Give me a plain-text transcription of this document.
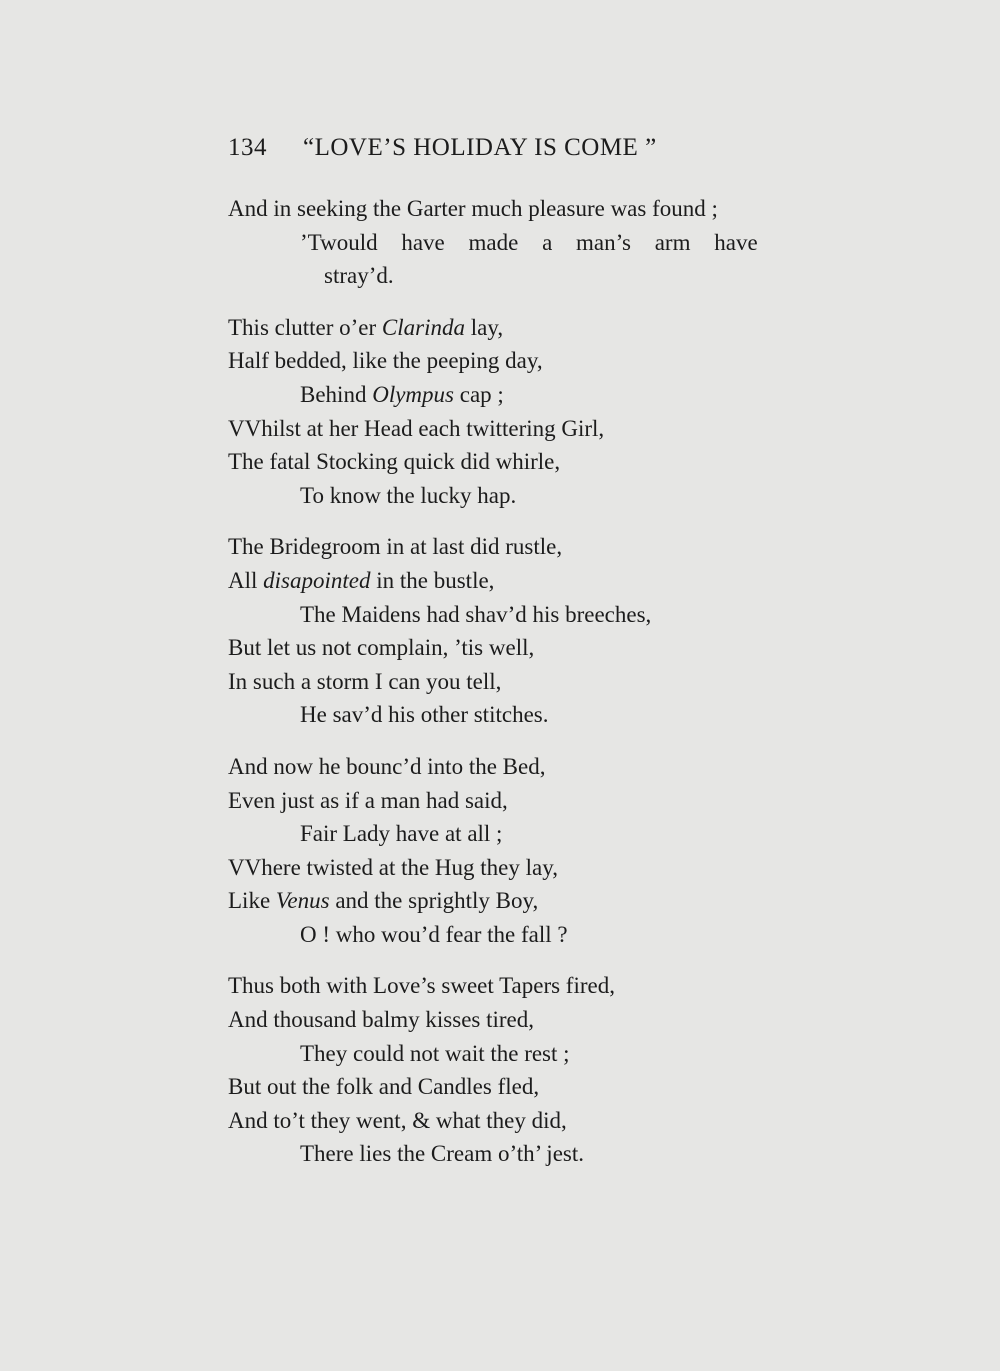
134 “LOVE’S HOLIDAY IS COME ”
And in seeking the Garter much pleasure was found ;
’Twould have made a man’s arm have
stray’d.
This clutter o’er Clarinda lay,
Half bedded, like the peeping day,
Behind Olympus cap ;
VVhilst at her Head each twittering Girl,
The fatal Stocking quick did whirle,
To know the lucky hap.
The Bridegroom in at last did rustle,
All disapointed in the bustle,
The Maidens had shav’d his breeches,
But let us not complain, ’tis well,
In such a storm I can you tell,
He sav’d his other stitches.
And now he bounc’d into the Bed,
Even just as if a man had said,
Fair Lady have at all ;
VVhere twisted at the Hug they lay,
Like Venus and the sprightly Boy,
O ! who wou’d fear the fall ?
Thus both with Love’s sweet Tapers fired,
And thousand balmy kisses tired,
They could not wait the rest ;
But out the folk and Candles fled,
And to’t they went, & what they did,
There lies the Cream o’th’ jest.
